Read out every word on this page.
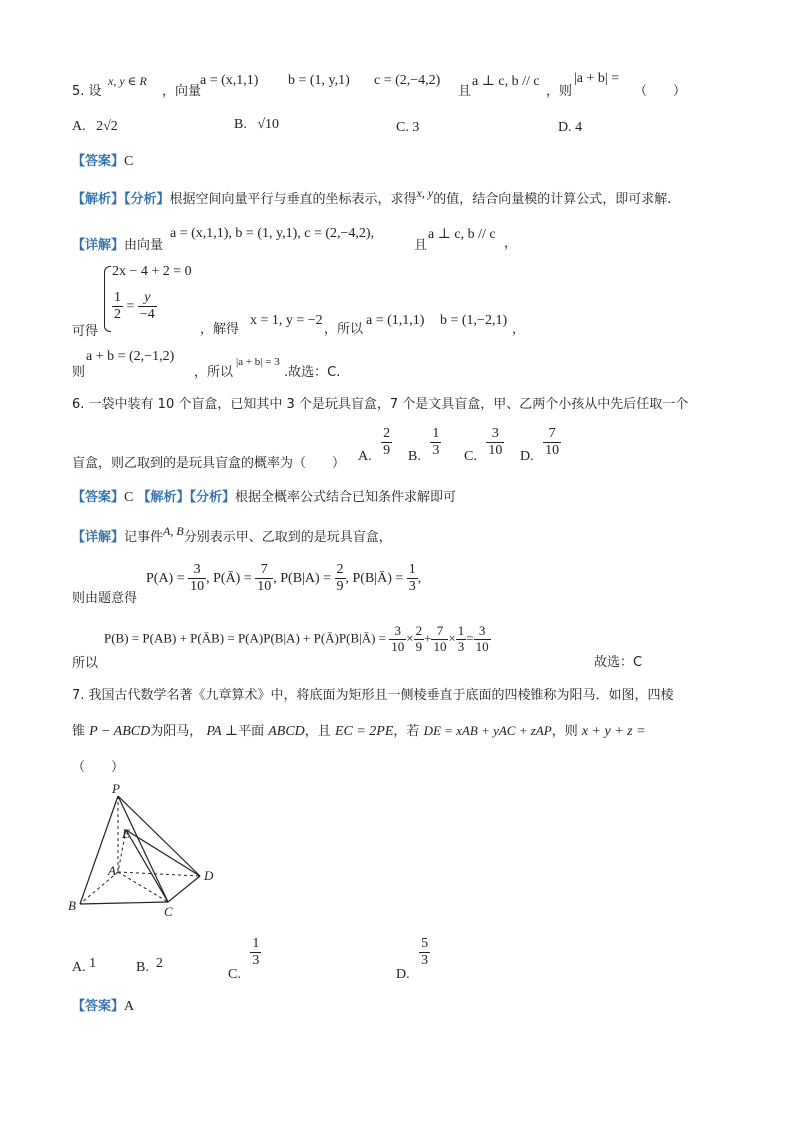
5. 设
x, y ∈ R
，向量
a = (x,1,1) b = (1, y,1) c = (2,−4,2)
且
a ⊥ c, b // c
，则
|a + b| =
（　　）
A. 2√2	B. √10	C. 3	D. 4
【答案】C
【解析】【分析】根据空间向量平行与垂直的坐标表示，求得x, y的值，结合向量模的计算公式，即可求解.
【详解】由向量
a = (x,1,1), b = (1, y,1), c = (2,−4,2),
且
a ⊥ c, b // c
，
2x − 4 + 2 = 0
$\frac{1}{2} = \frac{y}{-4}$
可得	，解得
x = 1, y = −2
，所以
a = (1,1,1) b = (1,−2,1)
，
则
a + b = (2,−1,2)
，所以
|a + b| = 3
.故选：C.
6. 一袋中装有 10 个盲盒，已知其中 3 个是玩具盲盒，7 个是文具盲盒，甲、乙两个小孩从中先后任取一个
盲盒，则乙取到的是玩具盲盒的概率为（　　） A. $\frac{2}{9} B$. $\frac{1}{3} C$. $\frac{3}{10} D$. $\frac{7}{10}$
【答案】C 【解析】【分析】根据全概率公式结合已知条件求解即可
【详解】记事件A, B分别表示甲、乙取到的是玩具盲盒，
则由题意得
$P(A) = \frac{3}{10}$ , P(Ā) = $\frac{7}{10}$ , $P(B|A) = \frac{2}{9}$ , P(B|Ā) = $\frac{1}{3}$ ,
所以
P(B) = P(AB) + P(ĀB) = P(A)P(B|A) + P(Ā)P(B|Ā) = $\frac{3}{10} \times \frac{2}{9} + \frac{7}{10} \times \frac{1}{3} = \frac{3}{10}$
故选：C
7. 我国古代数学名著《九章算术》中，将底面为矩形且一侧棱垂直于底面的四棱锥称为阳马．如图，四棱
锥 P − ABCD为阳马， PA ⊥平面 ABCD，且 EC = 2PE，若 DE = xAB + yAC + zAP，则 x + y + z =
（　　）
P
E
A
B	C
D
A. 1	B. 2
C.
$\frac{1}{3}$
D.
$\frac{5}{3}$
【答案】A
